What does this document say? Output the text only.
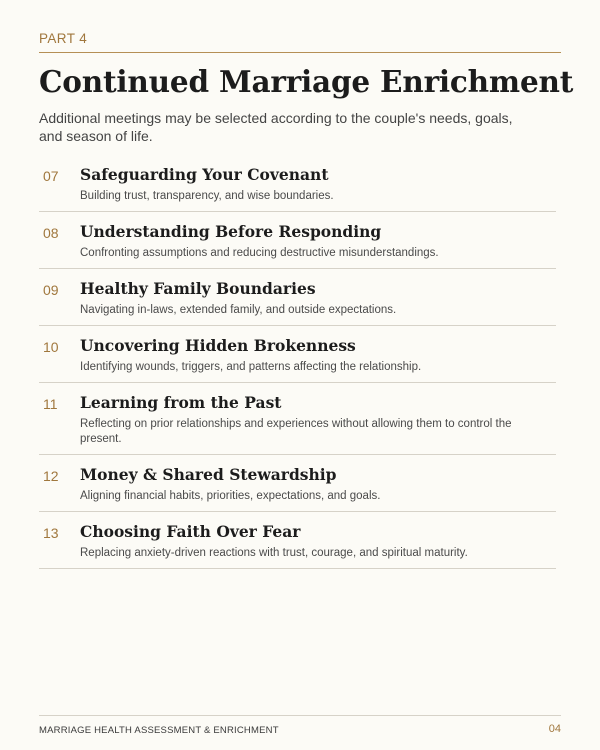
PART 4
Continued Marriage Enrichment

Additional meetings may be selected according to the couple's needs, goals, and season of life.

07 Safeguarding Your Covenant
Building trust, transparency, and wise boundaries.
08 Understanding Before Responding
Confronting assumptions and reducing destructive misunderstandings.
09 Healthy Family Boundaries
Navigating in-laws, extended family, and outside expectations.
10 Uncovering Hidden Brokenness
Identifying wounds, triggers, and patterns affecting the relationship.
11 Learning from the Past
Reflecting on prior relationships and experiences without allowing them to control the present.
12 Money & Shared Stewardship
Aligning financial habits, priorities, expectations, and goals.
13 Choosing Faith Over Fear
Replacing anxiety-driven reactions with trust, courage, and spiritual maturity.
MARRIAGE HEALTH ASSESSMENT & ENRICHMENT	04
